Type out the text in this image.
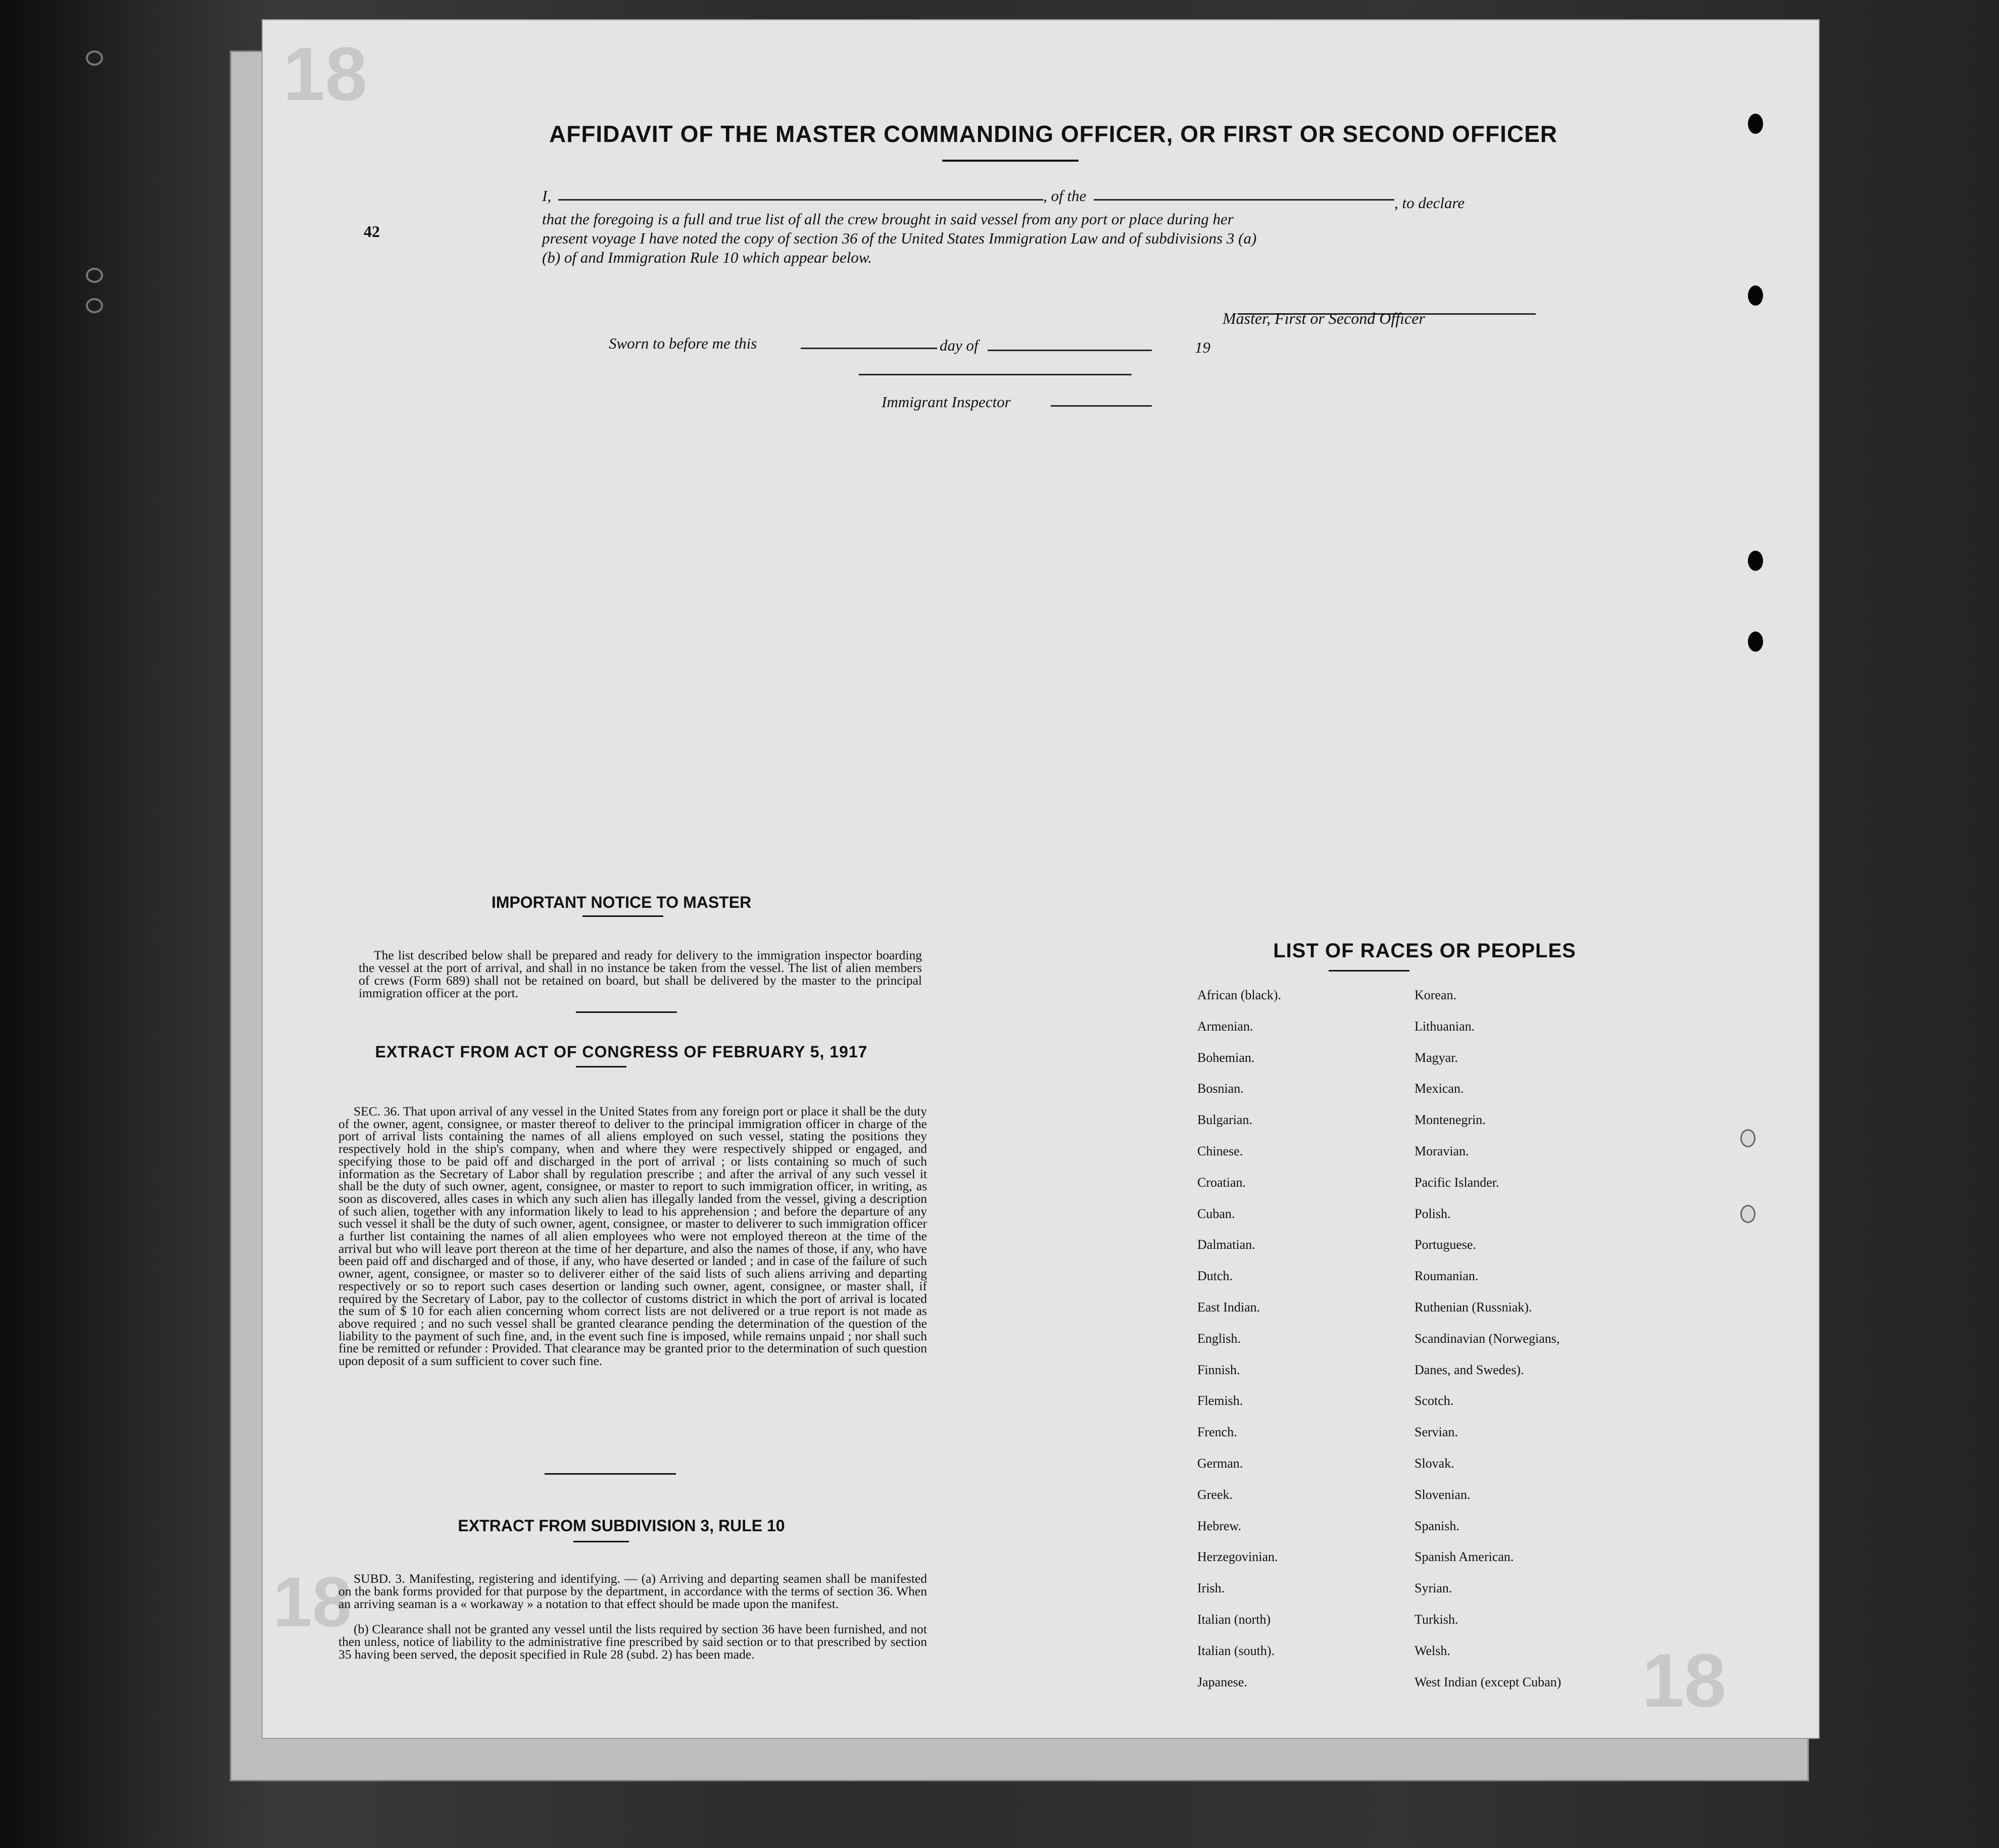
18
18
18
AFFIDAVIT OF THE MASTER COMMANDING OFFICER, OR FIRST OR SECOND OFFICER
42
I,	, of the	, to declare
that the foregoing is a full and true list of all the crew brought in said vessel from any port or place during her
present voyage I have noted the copy of section 36 of the United States Immigration Law and of subdivisions 3 (a)
(b) of and Immigration Rule 10 which appear below.
Master, First or Second Officer
Sworn to before me this	day of	19
Immigrant Inspector
IMPORTANT NOTICE TO MASTER
The list described below shall be prepared and ready for delivery to the immigration inspector boarding the vessel at the port of arrival, and shall in no instance be taken from the vessel. The list of alien members of crews (Form 689) shall not be retained on board, but shall be delivered by the master to the principal immigration officer at the port.
EXTRACT FROM ACT OF CONGRESS OF FEBRUARY 5, 1917
SEC. 36. That upon arrival of any vessel in the United States from any foreign port or place it shall be the duty of the owner, agent, consignee, or master thereof to deliver to the principal immigration officer in charge of the port of arrival lists containing the names of all aliens employed on such vessel, stating the positions they respectively hold in the ship's company, when and where they were respectively shipped or engaged, and specifying those to be paid off and discharged in the port of arrival ; or lists containing so much of such information as the Secretary of Labor shall by regulation prescribe ; and after the arrival of any such vessel it shall be the duty of such owner, agent, consignee, or master to report to such immigration officer, in writing, as soon as discovered, alles cases in which any such alien has illegally landed from the vessel, giving a description of such alien, together with any information likely to lead to his apprehension ; and before the departure of any such vessel it shall be the duty of such owner, agent, consignee, or master to deliverer to such immigration officer a further list containing the names of all alien employees who were not employed thereon at the time of the arrival but who will leave port thereon at the time of her departure, and also the names of those, if any, who have been paid off and discharged and of those, if any, who have deserted or landed ; and in case of the failure of such owner, agent, consignee, or master so to deliverer either of the said lists of such aliens arriving and departing respectively or so to report such cases desertion or landing such owner, agent, consignee, or master shall, if required by the Secretary of Labor, pay to the collector of customs district in which the port of arrival is located the sum of $ 10 for each alien concerning whom correct lists are not delivered or a true report is not made as above required ; and no such vessel shall be granted clearance pending the determination of the question of the liability to the payment of such fine, and, in the event such fine is imposed, while remains unpaid ; nor shall such fine be remitted or refunder : Provided. That clearance may be granted prior to the determination of such question upon deposit of a sum sufficient to cover such fine.
EXTRACT FROM SUBDIVISION 3, RULE 10
SUBD. 3. Manifesting, registering and identifying. — (a) Arriving and departing seamen shall be manifested on the bank forms provided for that purpose by the department, in accordance with the terms of section 36. When an arriving seaman is a « workaway » a notation to that effect should be made upon the manifest.
(b) Clearance shall not be granted any vessel until the lists required by section 36 have been furnished, and not then unless, notice of liability to the administrative fine prescribed by said section or to that prescribed by section 35 having been served, the deposit specified in Rule 28 (subd. 2) has been made.
LIST OF RACES OR PEOPLES
African (black).
Armenian.
Bohemian.
Bosnian.
Bulgarian.
Chinese.
Croatian.
Cuban.
Dalmatian.
Dutch.
East Indian.
English.
Finnish.
Flemish.
French.
German.
Greek.
Hebrew.
Herzegovinian.
Irish.
Italian (north)
Italian (south).
Japanese.
Korean.
Lithuanian.
Magyar.
Mexican.
Montenegrin.
Moravian.
Pacific Islander.
Polish.
Portuguese.
Roumanian.
Ruthenian (Russniak).
Scandinavian (Norwegians,
Danes, and Swedes).
Scotch.
Servian.
Slovak.
Slovenian.
Spanish.
Spanish American.
Syrian.
Turkish.
Welsh.
West Indian (except Cuban)
